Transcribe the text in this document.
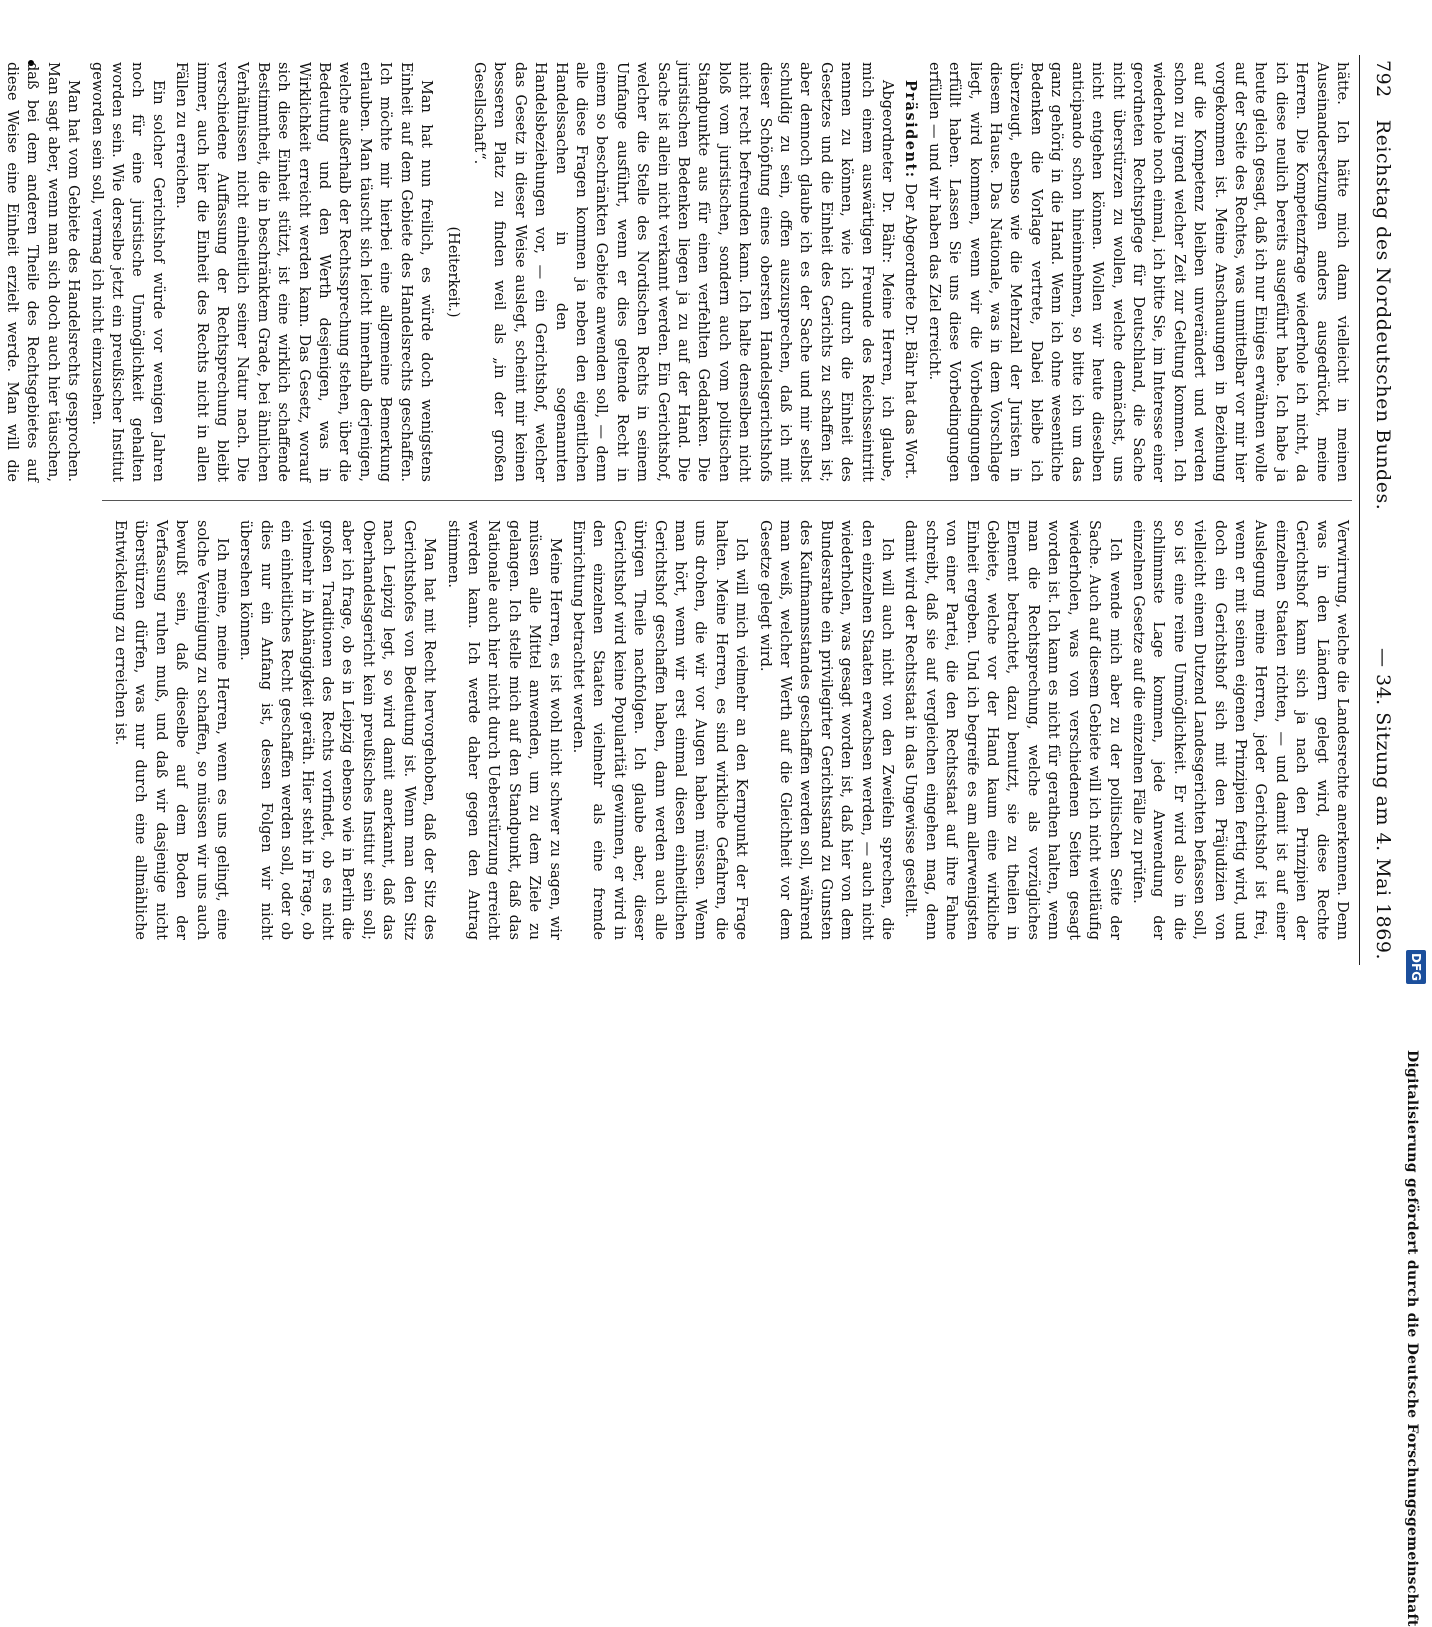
792
Reichstag des Norddeutschen Bundes.
— 34. Sitzung am 4. Mai 1869.

hätte. Ich hätte mich dann vielleicht in meinen Auseinandersetzungen anders ausgedrückt, meine Herren. Die Kompetenzfrage wiederhole ich nicht, da ich diese neulich bereits ausgeführt habe. Ich habe ja heute gleich gesagt, daß ich nur Einiges erwähnen wolle auf der Seite des Rechtes, was unmittelbar vor mir hier vorgekommen ist. Meine Anschauungen in Beziehung auf die Kompetenz bleiben unverändert und werden schon zu irgend welcher Zeit zur Geltung kommen. Ich wiederhole noch einmal, ich bitte Sie, im Interesse einer geordneten Rechtspflege für Deutschland, die Sache nicht überstürzen zu wollen, welche demnächst, uns nicht entgehen können. Wollen wir heute dieselben anticipando schon hineinnehmen, so bitte ich um das ganz gehörig in die Hand. Wenn ich ohne wesentliche Bedenken die Vorlage vertrete, Dabei bleibe ich überzeugt, ebenso wie die Mehrzahl der Juristen in diesem Hause. Das Nationale, was in dem Vorschlage liegt, wird kommen, wenn wir die Vorbedingungen erfüllt haben. Lassen Sie uns diese Vorbedingungen erfüllen — und wir haben das Ziel erreicht.

Präsident: Der Abgeordnete Dr. Bähr hat das Wort.

Abgeordneter Dr. Bähr: Meine Herren, ich glaube, mich einem auswärtigen Freunde des Reichsseintritt nennen zu können, wie ich durch die Einheit des Gesetzes und die Einheit des Gerichts zu schaffen ist; aber dennoch glaube ich es der Sache und mir selbst schuldig zu sein, offen auszusprechen, daß ich mit dieser Schöpfung eines obersten Handelsgerichtshofs nicht recht befreunden kann. Ich halte denselben nicht bloß vom juristischen, sondern auch vom politischen Standpunkte aus für einen verfehlten Gedanken. Die juristischen Bedenken liegen ja zu auf der Hand. Die Sache ist allein nicht verkannt werden. Ein Gerichtshof, welcher die Stelle des Nordischen Rechts in seinem Umfange ausführt, wenn er dies geltende Recht in einem so beschränkten Gebiete anwenden soll, — denn alle diese Fragen kommen ja neben den eigentlichen Handelssachen in den sogenannten Handelsbeziehungen vor, — ein Gerichtshof, welcher das Gesetz in dieser Weise auslegt, scheint mir keinen besseren Platz zu finden weil als „in der großen Gesellschaft“.

(Heiterkeit.)

Man hat nun freilich, es würde doch wenigstens Einheit auf dem Gebiete des Handelsrechts geschaffen. Ich möchte mir hierbei eine allgemeine Bemerkung erlauben. Man täuscht sich leicht innerhalb derjenigen, welche außerhalb der Rechtssprechung stehen, über die Bedeutung und den Werth desjenigen, was in Wirklichkeit erreicht werden kann. Das Gesetz, worauf sich diese Einheit stützt, ist eine wirklich schaffende Bestimmtheit, die in beschränktem Grade, bei ähnlichen Verhältnissen nicht einheitlich seiner Natur nach. Die verschiedene Auffassung der Rechtsprechung bleibt immer, auch hier die Einheit des Rechts nicht in allen Fällen zu erreichen.

Ein solcher Gerichtshof würde vor wenigen Jahren noch für eine juristische Unmöglichkeit gehalten worden sein. Wie derselbe jetzt ein preußischer Institut geworden sein soll, vermag ich nicht einzusehen.

Man hat vom Gebiete des Handelsrechts gesprochen. Man sagt aber, wenn man sich doch auch hier täuschen, daß bei dem anderen Theile des Rechtsgebietes auf diese Weise eine Einheit erzielt werde. Man will die

Verwirrung, welche die Landesrechte anerkennen. Denn was in den Ländern gelegt wird, diese Rechte Gerichtshof kann sich ja nach den Prinzipien der einzelnen Staaten richten, — und damit ist auf einer Auslegung meine Herren, jeder Gerichtshof ist frei, wenn er mit seinen eigenen Prinzipien fertig wird, und doch ein Gerichtshof sich mit den Präjudizien von vielleicht einem Dutzend Landesgerichten befassen soll, so ist eine reine Unmöglichkeit. Er wird also in die schlimmste Lage kommen, jede Anwendung der einzelnen Gesetze auf die einzelnen Fälle zu prüfen.

Ich wende mich aber zu der politischen Seite der Sache. Auch auf diesem Gebiete will ich nicht weitläufig wiederholen, was von verschiedenen Seiten gesagt worden ist. Ich kann es nicht für gerathen halten, wenn man die Rechtsprechung, welche als vorzügliches Element betrachtet, dazu benutzt, sie zu theilen in Gebiete, welche vor der Hand kaum eine wirkliche Einheit ergeben. Und ich begreife es am allerwenigsten von einer Partei, die den Rechtsstaat auf ihre Fahne schreibt, daß sie auf vergleichen eingehen mag, denn damit wird der Rechtsstaat in das Ungewisse gestellt.

Ich will auch nicht von den Zweifeln sprechen, die den einzelnen Staaten erwachsen werden, — auch nicht wiederholen, was gesagt worden ist, daß hier von dem Bundesrathe ein privilegirter Gerichtsstand zu Gunsten des Kaufmannsstandes geschaffen werden soll, während man weiß, welcher Werth auf die Gleichheit vor dem Gesetze gelegt wird.

Ich will mich vielmehr an den Kernpunkt der Frage halten. Meine Herren, es sind wirkliche Gefahren, die uns drohen, die wir vor Augen haben müssen. Wenn man hört, wenn wir erst einmal diesen einheitlichen Gerichtshof geschaffen haben, dann werden auch alle übrigen Theile nachfolgen. Ich glaube aber, dieser Gerichtshof wird keine Popularität gewinnen, er wird in den einzelnen Staaten vielmehr als eine fremde Einrichtung betrachtet werden.

Meine Herren, es ist wohl nicht schwer zu sagen, wir müssen alle Mittel anwenden, um zu dem Ziele zu gelangen. Ich stelle mich auf den Standpunkt, daß das Nationale auch hier nicht durch Ueberstürzung erreicht werden kann. Ich werde daher gegen den Antrag stimmen.

Man hat mit Recht hervorgehoben, daß der Sitz des Gerichtshofes von Bedeutung ist. Wenn man den Sitz nach Leipzig legt, so wird damit anerkannt, daß das Oberhandelsgericht kein preußisches Institut sein soll; aber ich frage, ob es in Leipzig ebenso wie in Berlin die großen Traditionen des Rechts vorfindet, ob es nicht vielmehr in Abhängigkeit geräth. Hier steht in Frage, ob ein einheitliches Recht geschaffen werden soll, oder ob dies nur ein Anfang ist, dessen Folgen wir nicht übersehen können.

Ich meine, meine Herren, wenn es uns gelingt, eine solche Vereinigung zu schaffen, so müssen wir uns auch bewußt sein, daß dieselbe auf dem Boden der Verfassung ruhen muß, und daß wir dasjenige nicht überstürzen dürfen, was nur durch eine allmähliche Entwickelung zu erreichen ist.

Digitalisierung gefördert durch die Deutsche Forschungsgemeinschaft
DFG
